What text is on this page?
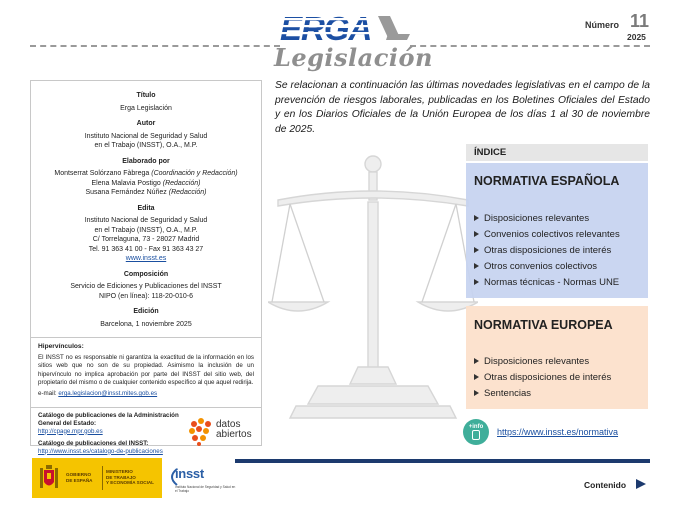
Legislación
Número 11
2025
Título
Erga Legislación
Autor
Instituto Nacional de Seguridad y Salud
en el Trabajo (INSST), O.A., M.P.
Elaborado por
Montserrat Solórzano Fàbrega (Coordinación y Redacción)
Elena Malavia Postigo (Redacción)
Susana Fernández Núñez (Redacción)
Edita
Instituto Nacional de Seguridad y Salud
en el Trabajo (INSST), O.A., M.P.
C/ Torrelaguna, 73 - 28027 Madrid
Tel. 91 363 41 00 - Fax 91 363 43 27
www.insst.es
Composición
Servicio de Ediciones y Publicaciones del INSST
NIPO (en línea): 118-20-010-6
Edición
Barcelona, 1 noviembre 2025
Hipervínculos:

El INSST no es responsable ni garantiza la exactitud de la información en los sitios web que no son de su propiedad. Asimismo la inclusión de un hipervínculo no implica aprobación por parte del INSST del sitio web, del propietario del mismo o de cualquier contenido específico al que aquel redirija.

e-mail: erga.legislacion@insst.mites.gob.es
Catálogo de publicaciones de la Administración General del Estado:
http://cpage.mpr.gob.es
Catálogo de publicaciones del INSST:
http://www.insst.es/catalogo-de-publicaciones
datos
abiertos

Se relacionan a continuación las últimas novedades legislativas en el campo de la prevención de riesgos laborales, publicadas en los Boletines Oficiales del Estado y en los Diarios Oficiales de la Unión Europea de los días 1 al 30 de noviembre de 2025.

ÍNDICE
NORMATIVA ESPAÑOLA
Disposiciones relevantes
Convenios colectivos relevantes
Otras disposiciones de interés
Otros convenios colectivos
Normas técnicas - Normas UNE
NORMATIVA EUROPEA
Disposiciones relevantes
Otras disposiciones de interés
Sentencias
+info	https://www.insst.es/normativa
GOBIERNO
DE ESPAÑA
MINISTERIO
DE TRABAJO
Y ECONOMÍA SOCIAL
insst
Instituto Nacional de Seguridad y Salud en el Trabajo
Contenido
